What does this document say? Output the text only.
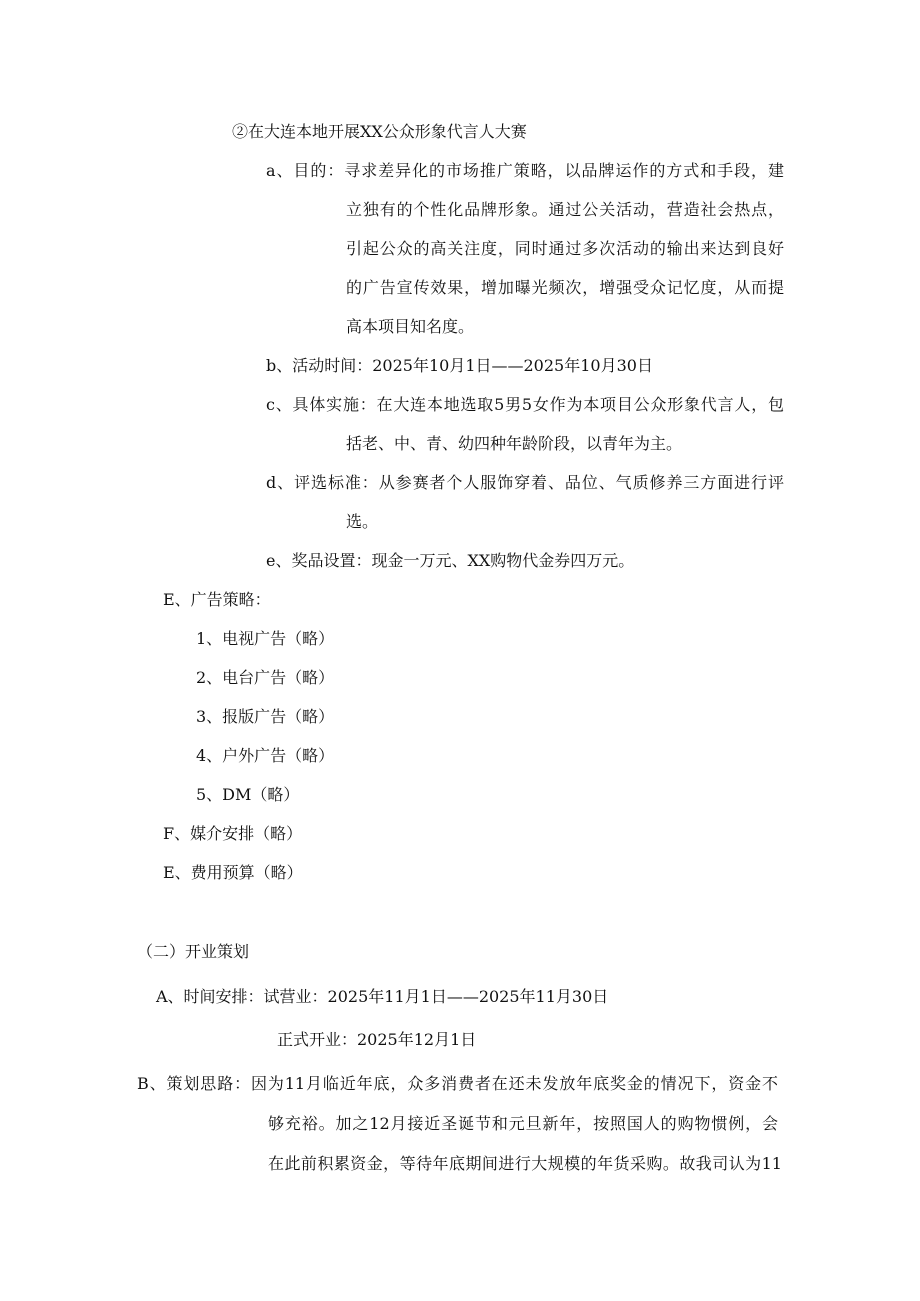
②在大连本地开展XX公众形象代言人大赛

a、目的：寻求差异化的市场推广策略，以品牌运作的方式和手段，建

立独有的个性化品牌形象。通过公关活动，营造社会热点，

引起公众的高关注度，同时通过多次活动的输出来达到良好

的广告宣传效果，增加曝光频次，增强受众记忆度，从而提

高本项目知名度。

b、活动时间：2025年10月1日——2025年10月30日

c、具体实施：在大连本地选取5男5女作为本项目公众形象代言人，包

括老、中、青、幼四种年龄阶段，以青年为主。

d、评选标准：从参赛者个人服饰穿着、品位、气质修养三方面进行评

选。

e、奖品设置：现金一万元、XX购物代金券四万元。

E、广告策略：

1、电视广告（略）

2、电台广告（略）

3、报版广告（略）

4、户外广告（略）

5、DM（略）

F、媒介安排（略）

E、费用预算（略）

（二）开业策划

A、时间安排：试营业：2025年11月1日——2025年11月30日

正式开业：2025年12月1日

B、策划思路：因为11月临近年底，众多消费者在还未发放年底奖金的情况下，资金不

够充裕。加之12月接近圣诞节和元旦新年，按照国人的购物惯例，会

在此前积累资金，等待年底期间进行大规模的年货采购。故我司认为11
